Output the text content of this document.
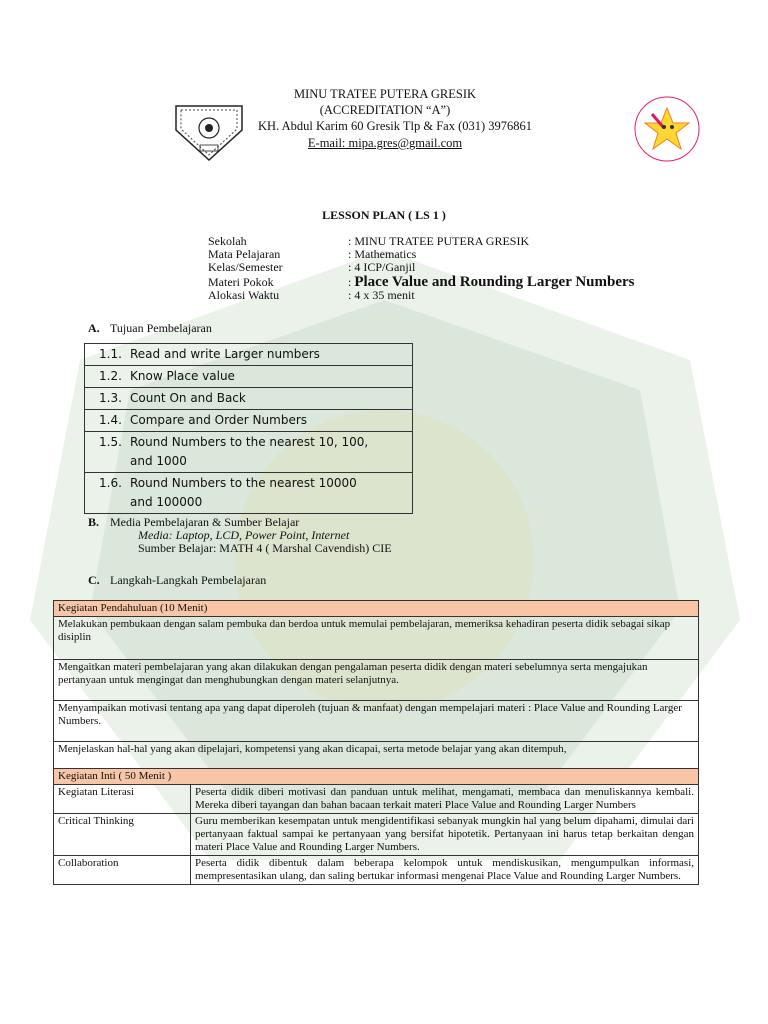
MINU TRATEE PUTERA GRESIK
(ACCREDITATION “A”)
KH. Abdul Karim 60 Gresik Tlp & Fax (031) 3976861
E-mail: mipa.gres@gmail.com
LESSON PLAN ( LS 1 )
Sekolah	: MINU TRATEE PUTERA GRESIK
Mata Pelajaran	: Mathematics
Kelas/Semester	: 4 ICP/Ganjil
Materi Pokok	: Place Value and Rounding Larger Numbers
Alokasi Waktu	: 4 x 35 menit
A. Tujuan Pembelajaran
1.1. Read and write Larger numbers
1.2. Know Place value
1.3. Count On and Back
1.4. Compare and Order Numbers
1.5. Round Numbers to the nearest 10, 100, and 1000
1.6. Round Numbers to the nearest 10000 and 100000
B. Media Pembelajaran & Sumber Belajar
Media: Laptop, LCD, Power Point, Internet
Sumber Belajar: MATH 4 ( Marshal Cavendish) CIE
C. Langkah-Langkah Pembelajaran
Kegiatan Pendahuluan (10 Menit)	
Melakukan pembukaan dengan salam pembuka dan berdoa untuk memulai pembelajaran, memeriksa kehadiran peserta didik sebagai sikap disiplin	
Mengaitkan materi pembelajaran yang akan dilakukan dengan pengalaman peserta didik dengan materi sebelumnya serta mengajukan pertanyaan untuk mengingat dan menghubungkan dengan materi selanjutnya.	
Menyampaikan motivasi tentang apa yang dapat diperoleh (tujuan & manfaat) dengan mempelajari materi : Place Value and Rounding Larger Numbers.	
Menjelaskan hal-hal yang akan dipelajari, kompetensi yang akan dicapai, serta metode belajar yang akan ditempuh,	
Kegiatan Inti ( 50 Menit )	
Kegiatan Literasi	Peserta didik diberi motivasi dan panduan untuk melihat, mengamati, membaca dan menuliskannya kembali. Mereka diberi tayangan dan bahan bacaan terkait materi Place Value and Rounding Larger Numbers
Critical Thinking	Guru memberikan kesempatan untuk mengidentifikasi sebanyak mungkin hal yang belum dipahami, dimulai dari pertanyaan faktual sampai ke pertanyaan yang bersifat hipotetik. Pertanyaan ini harus tetap berkaitan dengan materi Place Value and Rounding Larger Numbers.
Collaboration	Peserta didik dibentuk dalam beberapa kelompok untuk mendiskusikan, mengumpulkan informasi, mempresentasikan ulang, dan saling bertukar informasi mengenai Place Value and Rounding Larger Numbers.
